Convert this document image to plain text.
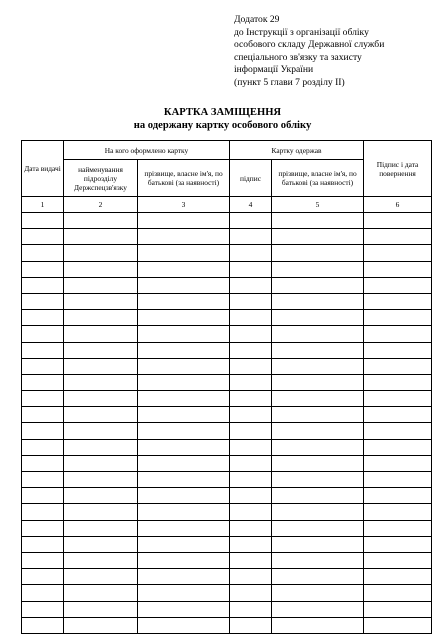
Додаток 29
до Інструкції з організації обліку
особового складу Державної служби
спеціального зв'язку та захисту
інформації України
(пункт 5 глави 7 розділу ІІ)
КАРТКА ЗАМІЩЕННЯ
на одержану картку особового обліку
Дата видачі	На кого оформлено картку		Картку одержав		Підпис і дата повернення
	найменування підрозділу Держспецзв'язку	прізвище, власне ім'я, по батькові (за наявності)	підпис	прізвище, власне ім'я, по батькові (за наявності)	
1	2	3	4	5	6
